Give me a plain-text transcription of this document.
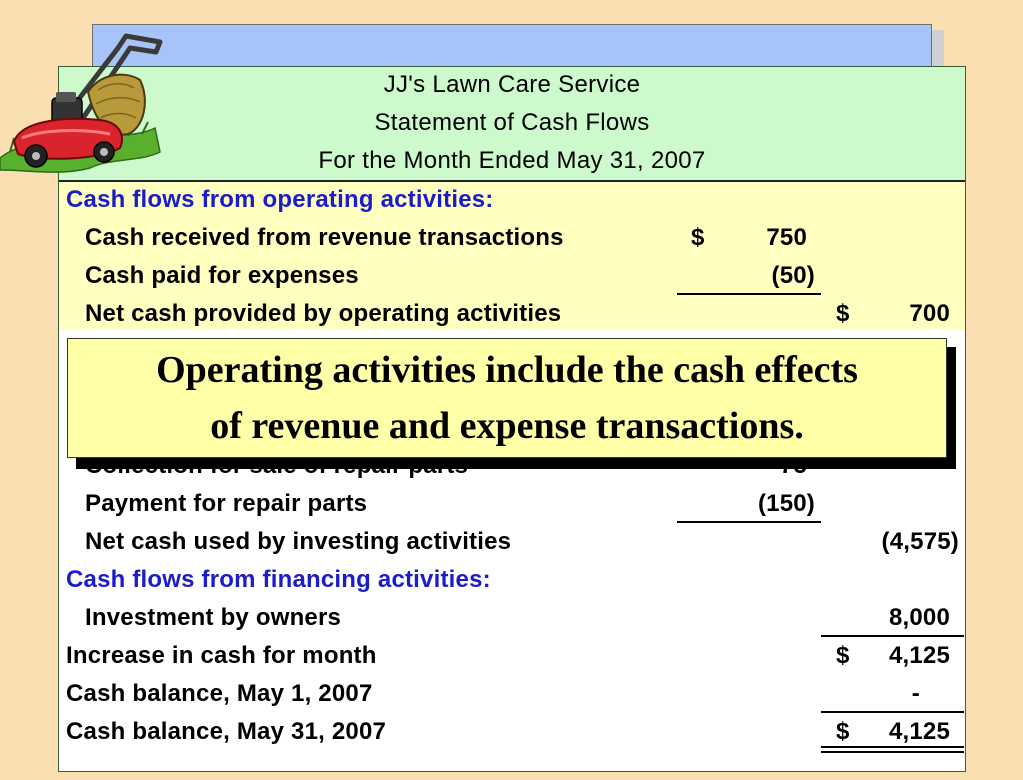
JJ's Lawn Care Service
Statement of Cash Flows
For the Month Ended May 31, 2007
Cash flows from operating activities:
Cash received from revenue transactions	$	750
Cash paid for expenses	(50)
Net cash provided by operating activities	$	700
Payment for repair parts	(150)
Net cash used by investing activities	(4,575)
Cash flows from financing activities:
Investment by owners	8,000
Increase in cash for month	$	4,125
Cash balance, May 1, 2007	-
Cash balance, May 31, 2007	$	4,125
Operating activities include the cash effects
of revenue and expense transactions.
